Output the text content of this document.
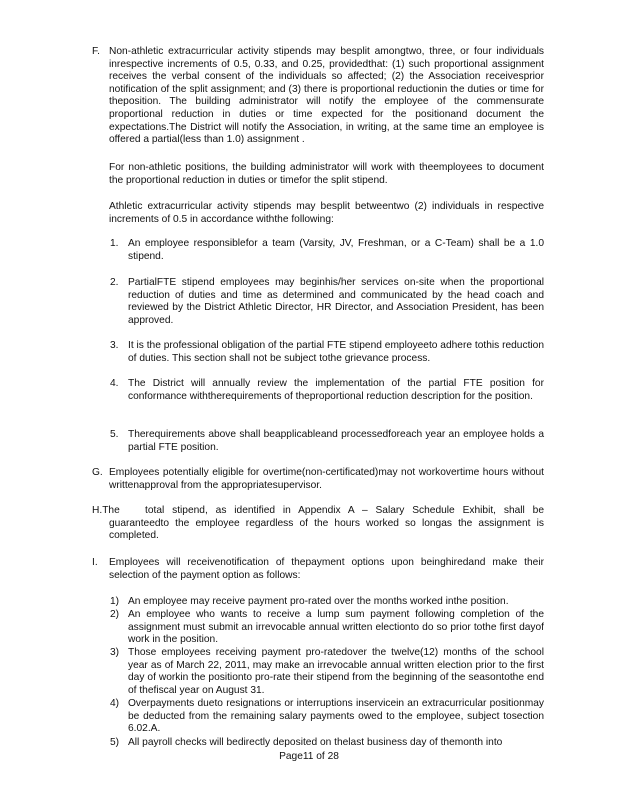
F. Non-athletic extracurricular activity stipends may besplit amongtwo, three, or four individuals inrespective increments of 0.5, 0.33, and 0.25, providedthat: (1) such proportional assignment receives the verbal consent of the individuals so affected; (2) the Association receivesprior notification of the split assignment; and (3) there is proportional reductionin the duties or time for theposition. The building administrator will notify the employee of the commensurate proportional reduction in duties or time expected for the positionand document the expectations.The District will notify the Association, in writing, at the same time an employee is offered a partial(less than 1.0) assignment .
For non-athletic positions, the building administrator will work with theemployees to document the proportional reduction in duties or timefor the split stipend.
Athletic extracurricular activity stipends may besplit betweentwo (2) individuals in respective increments of 0.5 in accordance withthe following:
1. An employee responsiblefor a team (Varsity, JV, Freshman, or a C-Team) shall be a 1.0 stipend.
2. PartialFTE stipend employees may beginhis/her services on-site when the proportional reduction of duties and time as determined and communicated by the head coach and reviewed by the District Athletic Director, HR Director, and Association President, has been approved.
3. It is the professional obligation of the partial FTE stipend employeeto adhere tothis reduction of duties. This section shall not be subject tothe grievance process.
4. The District will annually review the implementation of the partial FTE position for conformance withtherequirements of theproportional reduction description for the position.
5. Therequirements above shall beapplicableand processedforeach year an employee holds a partial FTE position.
G. Employees potentially eligible for overtime(non-certificated)may not workovertime hours without writtenapproval from the appropriatesupervisor.
H.The	total stipend, as identified in Appendix A – Salary Schedule Exhibit, shall be guaranteedto the employee regardless of the hours worked so longas the assignment is completed.
I. Employees will receivenotification of thepayment options upon beinghiredand make their selection of the payment option as follows:
1) An employee may receive payment pro-rated over the months worked inthe position.
2) An employee who wants to receive a lump sum payment following completion of the assignment must submit an irrevocable annual written electionto do so prior tothe first dayof work in the position.
3) Those employees receiving payment pro-ratedover the twelve(12) months of the school year as of March 22, 2011, may make an irrevocable annual written election prior to the first day of workin the positionto pro-rate their stipend from the beginning of the seasontothe end of thefiscal year on August 31.
4) Overpayments dueto resignations or interruptions inservicein an extracurricular positionmay be deducted from the remaining salary payments owed to the employee, subject tosection 6.02.A.
5) All payroll checks will bedirectly deposited on thelast business day of themonth into
Page11 of 28
